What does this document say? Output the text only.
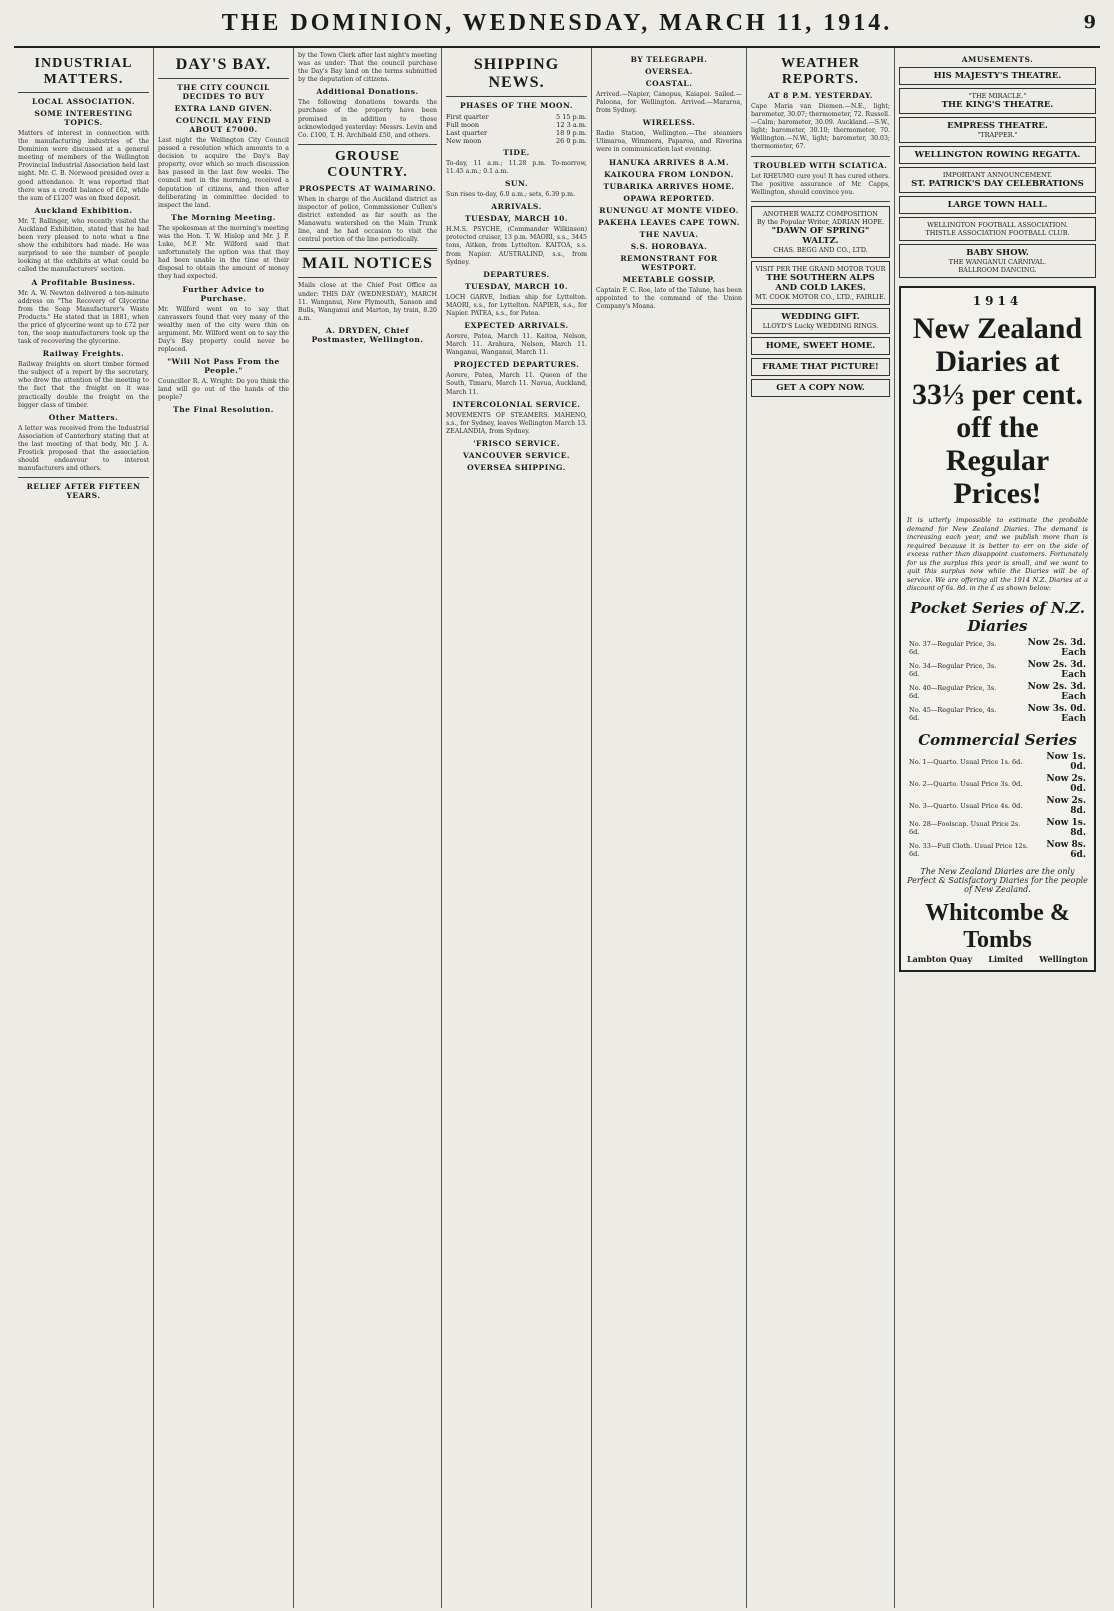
THE DOMINION, WEDNESDAY, MARCH 11, 1914.	9
INDUSTRIAL MATTERS.
LOCAL ASSOCIATION.
SOME INTERESTING TOPICS.
Matters of interest in connection with the manufacturing industries of the Dominion were discussed at a general meeting of members of the Wellington Provincial Industrial Association held last night. Mr. C. B. Norwood presided over a good attendance. It was reported that there was a credit balance of £62, while the sum of £1207 was on fixed deposit.
Auckland Exhibition.
Mr. T. Ballinger, who recently visited the Auckland Exhibition, stated that he had been very pleased to note what a fine show the exhibitors had made. He was surprised to see the number of people looking at the exhibits at what could be called the manufacturers' section.
A Profitable Business.
Mr. A. W. Newton delivered a ten-minute address on "The Recovery of Glycerine from the Soap Manufacturer's Waste Products." He stated that in 1881, when the price of glycerine went up to £72 per ton, the soap manufacturers took up the task of recovering the glycerine.
Railway Freights.
Railway freights on short timber formed the subject of a report by the secretary, who drew the attention of the meeting to the fact that the freight on it was practically double the freight on the bigger class of timber.
Other Matters.
A letter was received from the Industrial Association of Canterbury stating that at the last meeting of that body, Mr. J. A. Frostick proposed that the association should endeavour to interest manufacturers and others.
RELIEF AFTER FIFTEEN YEARS.
DAY'S BAY.
THE CITY COUNCIL DECIDES TO BUY
EXTRA LAND GIVEN.
COUNCIL MAY FIND ABOUT £7000.
Last night the Wellington City Council passed a resolution which amounts to a decision to acquire the Day's Bay property, over which so much discussion has passed in the last few weeks. The council met in the morning, received a deputation of citizens, and then after deliberating in committee decided to inspect the land.
The Morning Meeting.
The spokesman at the morning's meeting was the Hon. T. W. Hislop and Mr. J. P. Luke, M.P. Mr. Wilford said that unfortunately the option was that they had been unable in the time at their disposal to obtain the amount of money they had expected.
Further Advice to Purchase.
Mr. Wilford went on to say that canvassers found that very many of the wealthy men of the city were thin on argument. Mr. Wilford went on to say the Day's Bay property could never be replaced.
"Will Not Pass From the People."
Councillor R. A. Wright: Do you think the land will go out of the hands of the people?
The Final Resolution.
by the Town Clerk after last night's meeting was as under: That the council purchase the Day's Bay land on the terms submitted by the deputation of citizens.
Additional Donations.
The following donations towards the purchase of the property have been promised in addition to those acknowledged yesterday: Messrs. Levin and Co. £100, T. H. Archibald £50, and others.
GROUSE COUNTRY.
PROSPECTS AT WAIMARINO.
When in charge of the Auckland district as inspector of police, Commissioner Cullen's district extended as far south as the Manawatu watershed on the Main Trunk line, and he had occasion to visit the central portion of the line periodically.
MAIL NOTICES
Mails close at the Chief Post Office as under: THIS DAY (WEDNESDAY), MARCH 11. Wanganui, New Plymouth, Sanson and Bulls, Wanganui and Marton, by train, 8.20 a.m.
A. DRYDEN, Chief Postmaster, Wellington.
SHIPPING NEWS.
PHASES OF THE MOON.
First quarter	5 15 p.m.
Full moon	12 3 a.m.
Last quarter	18 9 p.m.
New moon	26 0 p.m.
TIDE.
To-day, 11 a.m.; 11.28 p.m. To-morrow, 11.45 a.m.; 0.1 a.m.
SUN.
Sun rises to-day, 6.0 a.m.; sets, 6.39 p.m.
ARRIVALS.
TUESDAY, MARCH 10.
H.M.S. PSYCHE, (Commander Wilkinson) protected cruiser, 13 p.m. MAORI, s.s., 3445 tons, Aitken, from Lyttelton. KAITOA, s.s. from Napier. AUSTRALIND, s.s., from Sydney.
DEPARTURES.
TUESDAY, MARCH 10.
LOCH GARVE, Indian ship for Lyttelton. MAORI, s.s., for Lyttelton. NAPIER, s.s., for Napier. PATEA, s.s., for Patea.
EXPECTED ARRIVALS.
Aorere, Patea, March 11. Kaitoa, Nelson, March 11. Arahura, Nelson, March 11. Wanganui, Wanganui, March 11.
PROJECTED DEPARTURES.
Aorere, Patea, March 11. Queen of the South, Timaru, March 11. Navua, Auckland, March 11.
INTERCOLONIAL SERVICE.
MOVEMENTS OF STEAMERS. MAHENO, s.s., for Sydney, leaves Wellington March 13. ZEALANDIA, from Sydney.
'FRISCO SERVICE.
VANCOUVER SERVICE.
OVERSEA SHIPPING.
BY TELEGRAPH.
OVERSEA.
COASTAL.
Arrived.—Napier, Canopus, Kaiapoi. Sailed.—Paloona, for Wellington. Arrived.—Mararoa, from Sydney.
WIRELESS.
Radio Station, Wellington.—The steamers Ulimaroa, Wimmera, Paparoa, and Riverina were in communication last evening.
HANUKA ARRIVES 8 A.M.
KAIKOURA FROM LONDON.
TUBARIKA ARRIVES HOME.
OPAWA REPORTED.
RUNUNGU AT MONTE VIDEO.
PAKEHA LEAVES CAPE TOWN.
THE NAVUA.
S.S. HOROBAYA.
REMONSTRANT FOR WESTPORT.
MEETABLE GOSSIP.
Captain F. C. Roe, late of the Talune, has been appointed to the command of the Union Company's Moana.
WEATHER REPORTS.
AT 8 P.M. YESTERDAY.
Cape Maria van Diemen.—N.E., light; barometer, 30.07; thermometer, 72. Russell.—Calm; barometer, 30.09. Auckland.—S.W., light; barometer, 30.10; thermometer, 70. Wellington.—N.W., light; barometer, 30.03; thermometer, 67.
TROUBLED WITH SCIATICA.
Let RHEUMO cure you! It has cured others. The positive assurance of Mr. Capps, Wellington, should convince you.
ANOTHER WALTZ COMPOSITION
By the Popular Writer, ADRIAN HOPE.
"DAWN OF SPRING" WALTZ.
CHAS. BEGG AND CO., LTD.
VISIT PER THE GRAND MOTOR TOUR
THE SOUTHERN ALPS AND COLD LAKES.
MT. COOK MOTOR CO., LTD., FAIRLIE.
WEDDING GIFT.
LLOYD'S Lucky WEDDING RINGS.
HOME, SWEET HOME.
FRAME THAT PICTURE!
GET A COPY NOW.
AMUSEMENTS.
HIS MAJESTY'S THEATRE.
"THE MIRACLE."
THE KING'S THEATRE.
EMPRESS THEATRE.
"TRAPPER."
WELLINGTON ROWING REGATTA.
IMPORTANT ANNOUNCEMENT.
ST. PATRICK'S DAY CELEBRATIONS
LARGE TOWN HALL.
WELLINGTON FOOTBALL ASSOCIATION.
THISTLE ASSOCIATION FOOTBALL CLUB.
BABY SHOW.
THE WANGANUI CARNIVAL.
BALLROOM DANCING.
1914
New Zealand Diaries at 33⅓ per cent. off the Regular Prices!
It is utterly impossible to estimate the probable demand for New Zealand Diaries. The demand is increasing each year, and we publish more than is required because it is better to err on the side of excess rather than disappoint customers. Fortunately for us the surplus this year is small, and we want to quit this surplus now while the Diaries will be of service. We are offering all the 1914 N.Z. Diaries at a discount of 6s. 8d. in the £ as shown below:
Pocket Series of N.Z. Diaries
No. 37—Regular Price, 3s. 6d.	Now 2s. 3d. Each
No. 34—Regular Price, 3s. 6d.	Now 2s. 3d. Each
No. 40—Regular Price, 3s. 6d.	Now 2s. 3d. Each
No. 45—Regular Price, 4s. 6d.	Now 3s. 0d. Each
Commercial Series
No. 1—Quarto. Usual Price 1s. 6d.	Now 1s. 0d.
No. 2—Quarto. Usual Price 3s. 0d.	Now 2s. 0d.
No. 3—Quarto. Usual Price 4s. 0d.	Now 2s. 8d.
No. 28—Foolscap. Usual Price 2s. 6d.	Now 1s. 8d.
No. 33—Full Cloth. Usual Price 12s. 6d.	Now 8s. 6d.
The New Zealand Diaries are the only Perfect & Satisfactory Diaries for the people of New Zealand.
Whitcombe & Tombs
Lambton Quay Limited Wellington
